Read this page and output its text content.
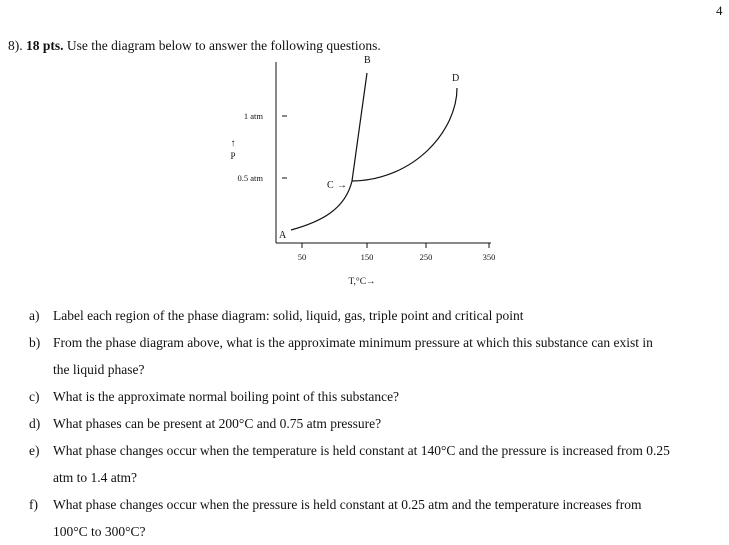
4
8). 18 pts. Use the diagram below to answer the following questions.
B
D
C →
A
1 atm
0.5 atm
↑
P
50	150	250	350
T,°C→
a) Label each region of the phase diagram: solid, liquid, gas, triple point and critical point
b) From the phase diagram above, what is the approximate minimum pressure at which this substance can exist in
the liquid phase?
c) What is the approximate normal boiling point of this substance?
d) What phases can be present at 200°C and 0.75 atm pressure?
e) What phase changes occur when the temperature is held constant at 140°C and the pressure is increased from 0.25
atm to 1.4 atm?
f) What phase changes occur when the pressure is held constant at 0.25 atm and the temperature increases from
100°C to 300°C?
